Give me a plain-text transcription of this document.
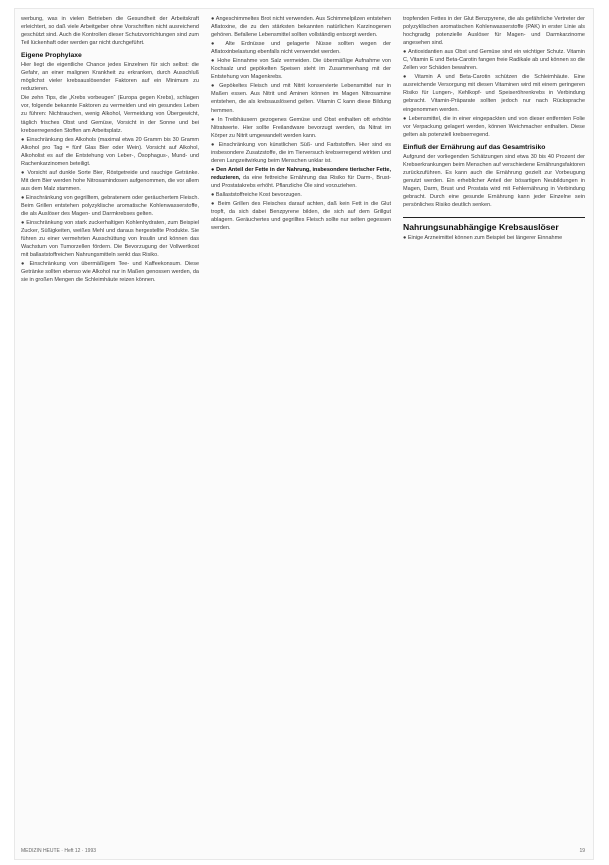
werbung, was in vielen Betrieben die Gesundheit der Arbeitskraft erleichtert, so daß viele Arbeitgeber ohne Vorschriften nicht ausreichend geschützt sind. Auch die Kontrollen dieser Schutzvorrichtungen sind zum Teil lückenhaft oder werden gar nicht durchgeführt.

Eigene Prophylaxe

Hier liegt die eigentliche Chance jedes Einzelnen für sich selbst: die Gefahr, an einer malignen Krankheit zu erkranken, durch Ausschluß möglichst vieler krebsauslösender Faktoren auf ein Minimum zu reduzieren.

Die zehn Tips, die „Krebs vorbeugen“ (Europa gegen Krebs), schlagen vor, folgende bekannte Faktoren zu vermeiden und ein gesundes Leben zu führen: Nichtrauchen, wenig Alkohol, Vermeidung von Übergewicht, täglich frisches Obst und Gemüse, Vorsicht in der Sonne und bei krebserregenden Stoffen am Arbeitsplatz.

● Einschränkung des Alkohols (maximal etwa 20 Gramm bis 30 Gramm Alkohol pro Tag = fünf Glas Bier oder Wein). Vorsicht auf Alkohol, Alkoholist es auf die Entstehung von Leber-, Ösophagus-, Mund- und Rachenkarzinomen beteiligt.

● Vorsicht auf dunkle Sorte Bier, Röstgetreide und rauchige Getränke. Mit dem Bier werden hohe Nitrosamindosen aufgenommen, die vor allem aus dem Malz stammen.

● Einschränkung von gegrilltem, gebratenem oder geräuchertem Fleisch. Beim Grillen entstehen polyzyklische aromatische Kohlenwasserstoffe, die als Auslöser des Magen- und Darmkrebses gelten.

● Einschränkung von stark zuckerhaltigen Kohlenhydraten, zum Beispiel Zucker, Süßigkeiten, weißes Mehl und daraus hergestellte Produkte. Sie führen zu einer vermehrten Ausschüttung von Insulin und können das Wachstum von Tumorzellen fördern. Die Bevorzugung der Vollwertkost mit ballaststoffreichen Nahrungsmitteln senkt das Risiko.

● Einschränkung von übermäßigem Tee- und Kaffeekonsum. Diese Getränke sollten ebenso wie Alkohol nur in Maßen genossen werden, da sie in großen Mengen die Schleimhäute reizen können.

● Angeschimmeltes Brot nicht verwenden. Aus Schimmelpilzen entstehen Aflatoxine, die zu den stärksten bekannten natürlichen Karzinogenen gehören. Befallene Lebensmittel sollten vollständig entsorgt werden.

● Alte Erdnüsse und gelagerte Nüsse sollten wegen der Aflatoxinbelastung ebenfalls nicht verwendet werden.

● Hohe Einnahme von Salz vermeiden. Die übermäßige Aufnahme von Kochsalz und gepökelten Speisen steht im Zusammenhang mit der Entstehung von Magenkrebs.

● Gepökeltes Fleisch und mit Nitrit konservierte Lebensmittel nur in Maßen essen. Aus Nitrit und Aminen können im Magen Nitrosamine entstehen, die als krebsauslösend gelten. Vitamin C kann diese Bildung hemmen.

● In Treibhäusern gezogenes Gemüse und Obst enthalten oft erhöhte Nitratwerte. Hier sollte Freilandware bevorzugt werden, da Nitrat im Körper zu Nitrit umgewandelt werden kann.

● Einschränkung von künstlichen Süß- und Farbstoffen. Hier sind es insbesondere Zusatzstoffe, die im Tierversuch krebserregend wirkten und deren Langzeitwirkung beim Menschen unklar ist.

● Den Anteil der Fette in der Nahrung, insbesondere tierischer Fette, reduzieren, da eine fettreiche Ernährung das Risiko für Darm-, Brust- und Prostatakrebs erhöht. Pflanzliche Öle sind vorzuziehen.

● Ballaststoffreiche Kost bevorzugen.

● Beim Grillen des Fleisches darauf achten, daß kein Fett in die Glut tropft, da sich dabei Benzpyrene bilden, die sich auf dem Grillgut ablagern. Geräuchertes und gegrilltes Fleisch sollte nur selten gegessen werden.

tropfenden Fettes in der Glut Benzpyrene, die als gefährliche Vertreter der polyzyklischen aromatischen Kohlenwasserstoffe (PAK) in erster Linie als hochgradig potenzielle Auslöser für Magen- und Darmkarzinome angesehen sind.

● Antioxidantien aus Obst und Gemüse sind ein wichtiger Schutz. Vitamin C, Vitamin E und Beta-Carotin fangen freie Radikale ab und können so die Zellen vor Schäden bewahren.

● Vitamin A und Beta-Carotin schützen die Schleimhäute. Eine ausreichende Versorgung mit diesen Vitaminen wird mit einem geringeren Risiko für Lungen-, Kehlkopf- und Speiseröhrenkrebs in Verbindung gebracht. Vitamin-Präparate sollten jedoch nur nach Rücksprache eingenommen werden.

● Lebensmittel, die in einer eingepackten und von dieser entfernten Folie vor Verpackung gelagert werden, können Weichmacher enthalten. Diese gelten als potenziell krebserregend.

Einfluß der Ernährung auf das Gesamtrisiko

Aufgrund der vorliegenden Schätzungen sind etwa 30 bis 40 Prozent der Krebserkrankungen beim Menschen auf verschiedene Ernährungsfaktoren zurückzuführen. Es kann auch die Ernährung gezielt zur Vorbeugung genutzt werden. Ein erheblicher Anteil der bösartigen Neubildungen in Magen, Darm, Brust und Prostata wird mit Fehlernährung in Verbindung gebracht. Durch eine gesunde Ernährung kann jeder Einzelne sein persönliches Risiko deutlich senken.

Nahrungsunabhängige Krebsauslöser

● Einige Arzneimittel können zum Beispiel bei längerer Einnahme

MEDIZIN HEUTE · Heft 12 · 1993	19
